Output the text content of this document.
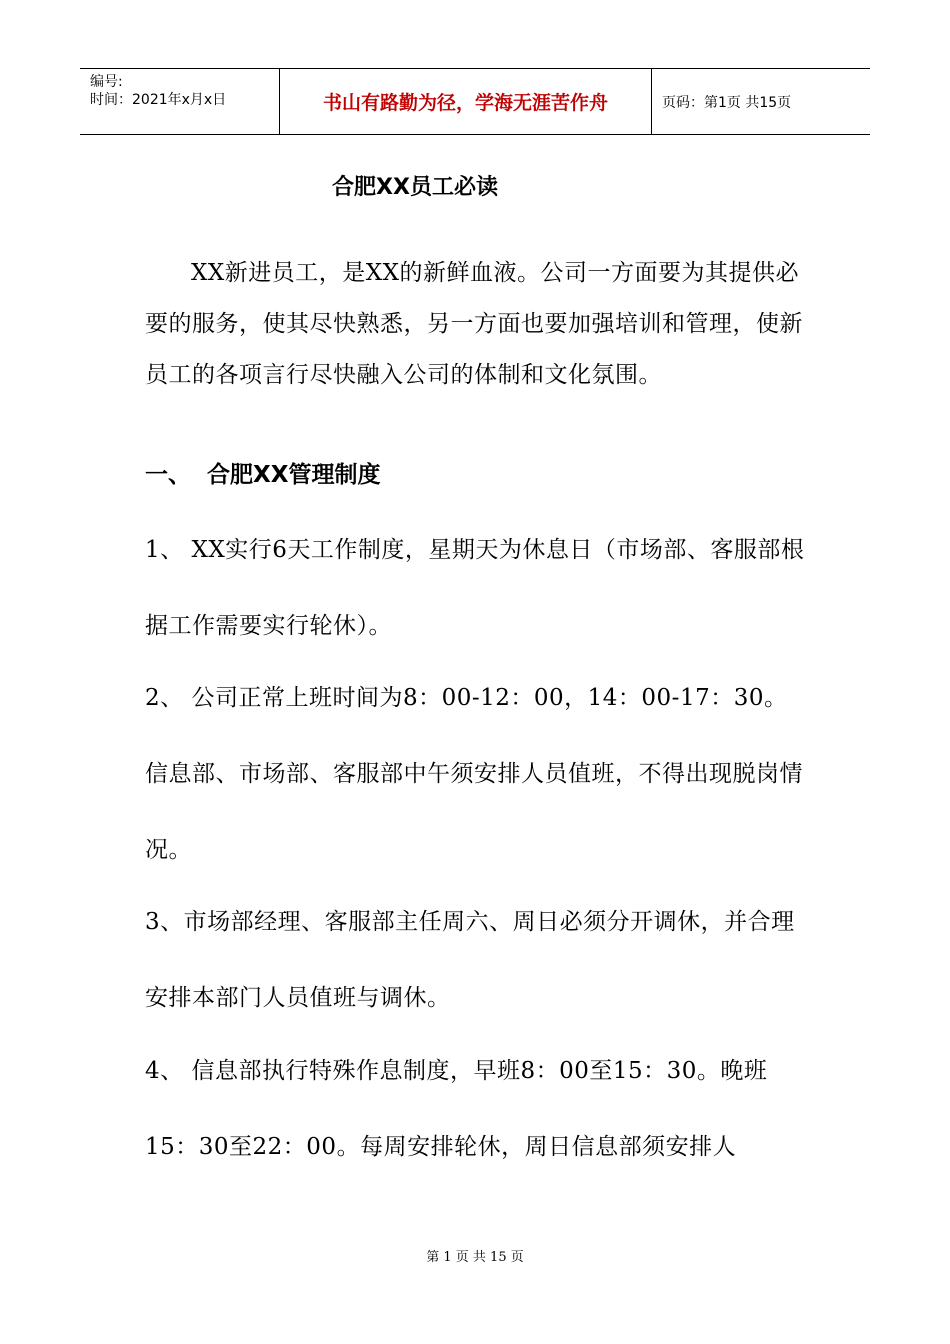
编号:
时间：2021年x月x日	书山有路勤为径，学海无涯苦作舟	页码：第1页 共15页
合肥XX员工必读

XX新进员工，是XX的新鲜血液。公司一方面要为其提供必要的服务，使其尽快熟悉，另一方面也要加强培训和管理，使新员工的各项言行尽快融入公司的体制和文化氛围。

一、 合肥XX管理制度

1、 XX实行6天工作制度，星期天为休息日（市场部、客服部根据工作需要实行轮休）。

2、 公司正常上班时间为8：00-12：00，14：00-17：30。信息部、市场部、客服部中午须安排人员值班，不得出现脱岗情况。

3、市场部经理、客服部主任周六、周日必须分开调休，并合理安排本部门人员值班与调休。

4、 信息部执行特殊作息制度，早班8：00至15：30。晚班15：30至22：00。每周安排轮休，周日信息部须安排人

第 1 页 共 15 页
